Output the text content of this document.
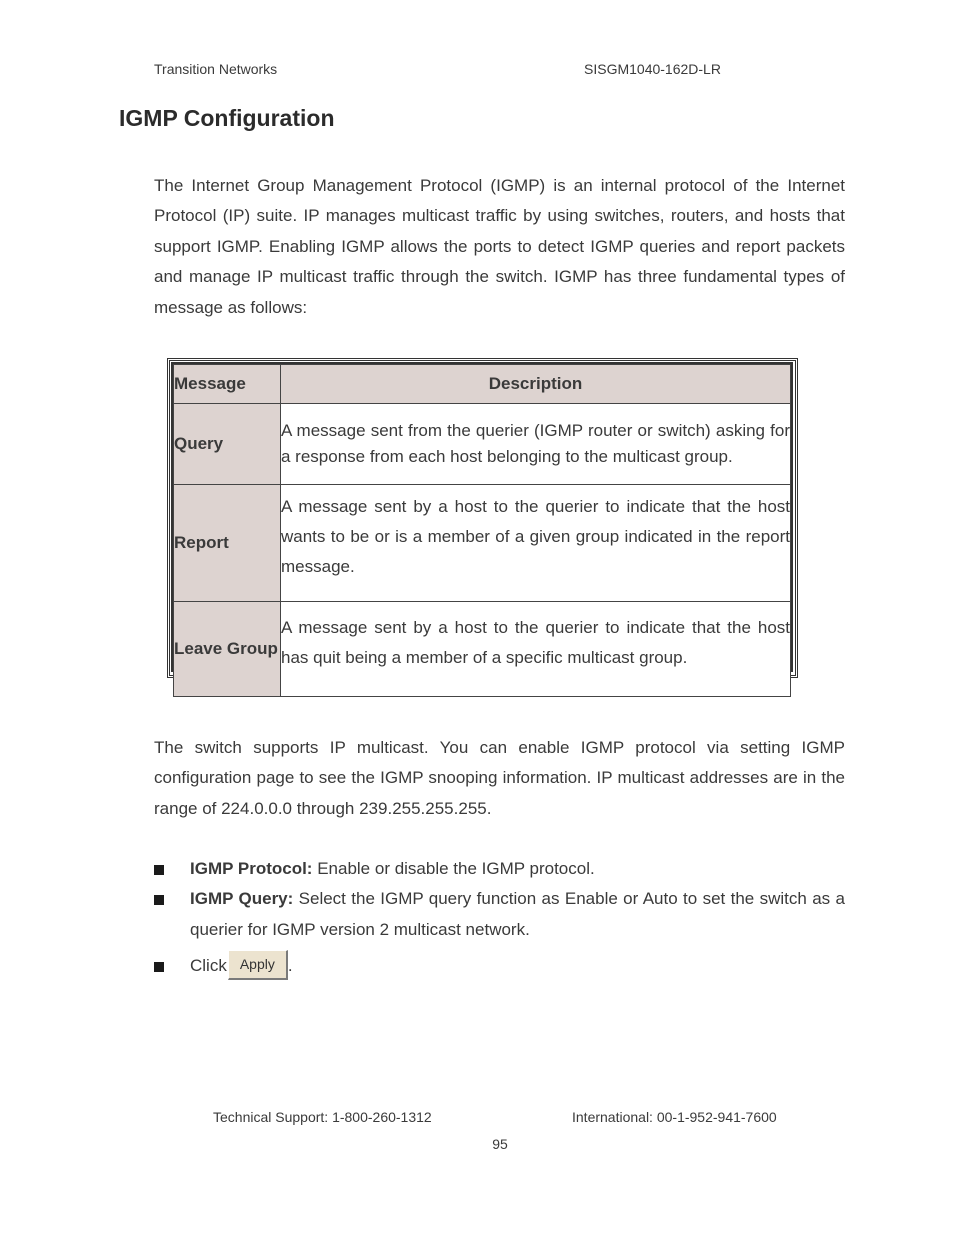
Transition Networks	SISGM1040-162D-LR
IGMP Configuration

The Internet Group Management Protocol (IGMP) is an internal protocol of the Internet Protocol (IP) suite. IP manages multicast traffic by using switches, routers, and hosts that support IGMP. Enabling IGMP allows the ports to detect IGMP queries and report packets and manage IP multicast traffic through the switch. IGMP has three fundamental types of message as follows:

Message	Description
Query	A message sent from the querier (IGMP router or switch) asking for a response from each host belonging to the multicast group.
Report	A message sent by a host to the querier to indicate that the host wants to be or is a member of a given group indicated in the report message.
Leave Group	A message sent by a host to the querier to indicate that the host has quit being a member of a specific multicast group.

The switch supports IP multicast. You can enable IGMP protocol via setting IGMP configuration page to see the IGMP snooping information. IP multicast addresses are in the range of 224.0.0.0 through 239.255.255.255.

IGMP Protocol: Enable or disable the IGMP protocol.
IGMP Query: Select the IGMP query function as Enable or Auto to set the switch as a querier for IGMP version 2 multicast network.
Click Apply .
Technical Support: 1-800-260-1312	International: 00-1-952-941-7600
95
